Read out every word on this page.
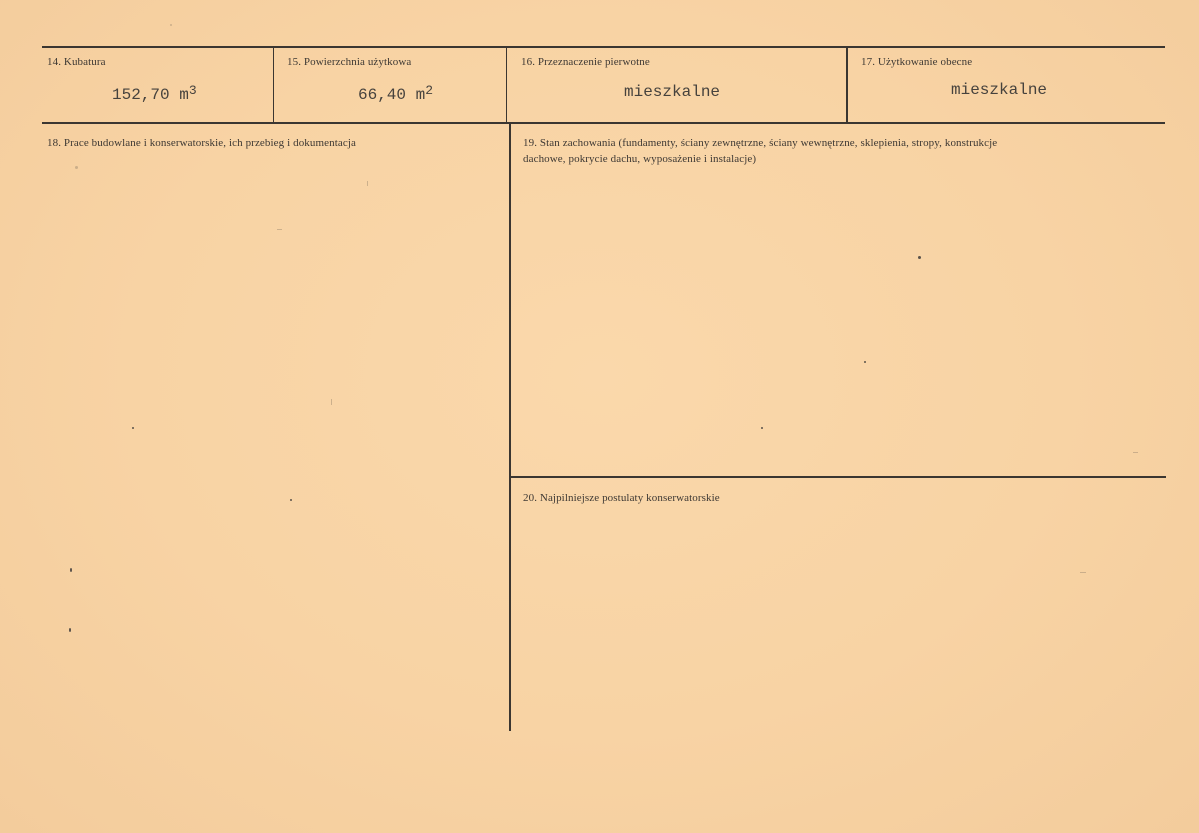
14. Kubatura
152,70 $m^3$
15. Powierzchnia użytkowa
66,40 $m^2$
16. Przeznaczenie pierwotne
mieszkalne
17. Użytkowanie obecne
mieszkalne
18. Prace budowlane i konserwatorskie, ich przebieg i dokumentacja	19. Stan zachowania (fundamenty, ściany zewnętrzne, ściany wewnętrzne, sklepienia, stropy, konstrukcje
dachowe, pokrycie dachu, wyposażenie i instalacje)
20. Najpilniejsze postulaty konserwatorskie
